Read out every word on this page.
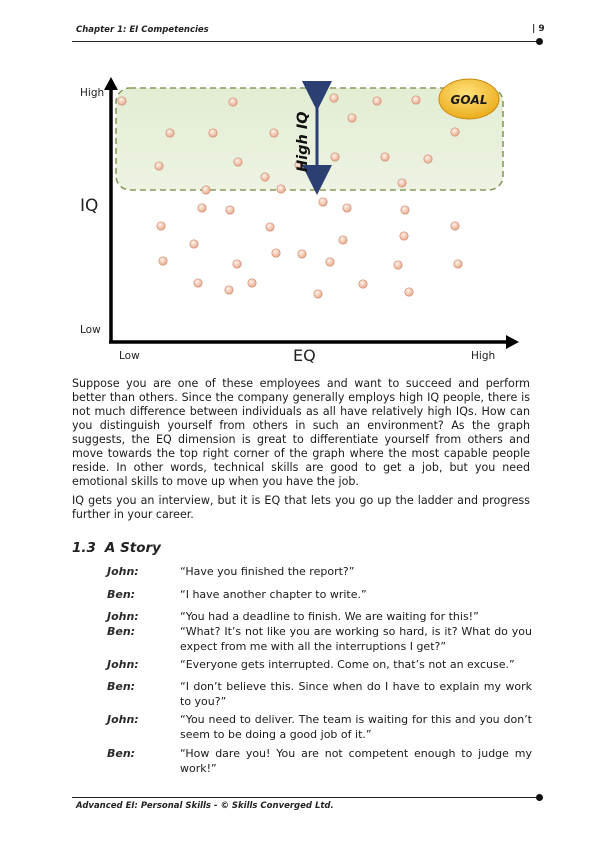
Chapter 1: EI Competencies	| 9
High
IQ
Low
Low	EQ	High
High IQ
GOAL

Suppose you are one of these employees and want to succeed and perform better than others. Since the company generally employs high IQ people, there is not much difference between individuals as all have relatively high IQs. How can you distinguish yourself from others in such an environment? As the graph suggests, the EQ dimension is great to differentiate yourself from others and move towards the top right corner of the graph where the most capable people reside. In other words, technical skills are good to get a job, but you need emotional skills to move up when you have the job.

IQ gets you an interview, but it is EQ that lets you go up the ladder and progress further in your career.

1.3 A Story
John:	“Have you finished the report?”
Ben:	“I have another chapter to write.”
John:	“You had a deadline to finish. We are waiting for this!”
Ben:	“What? It’s not like you are working so hard, is it? What do you expect from me with all the interruptions I get?”
John:	“Everyone gets interrupted. Come on, that’s not an excuse.”
Ben:	“I don’t believe this. Since when do I have to explain my work to you?”
John:	“You need to deliver. The team is waiting for this and you don’t seem to be doing a good job of it.”
Ben:	“How dare you! You are not competent enough to judge my work!”
Advanced EI: Personal Skills - © Skills Converged Ltd.
